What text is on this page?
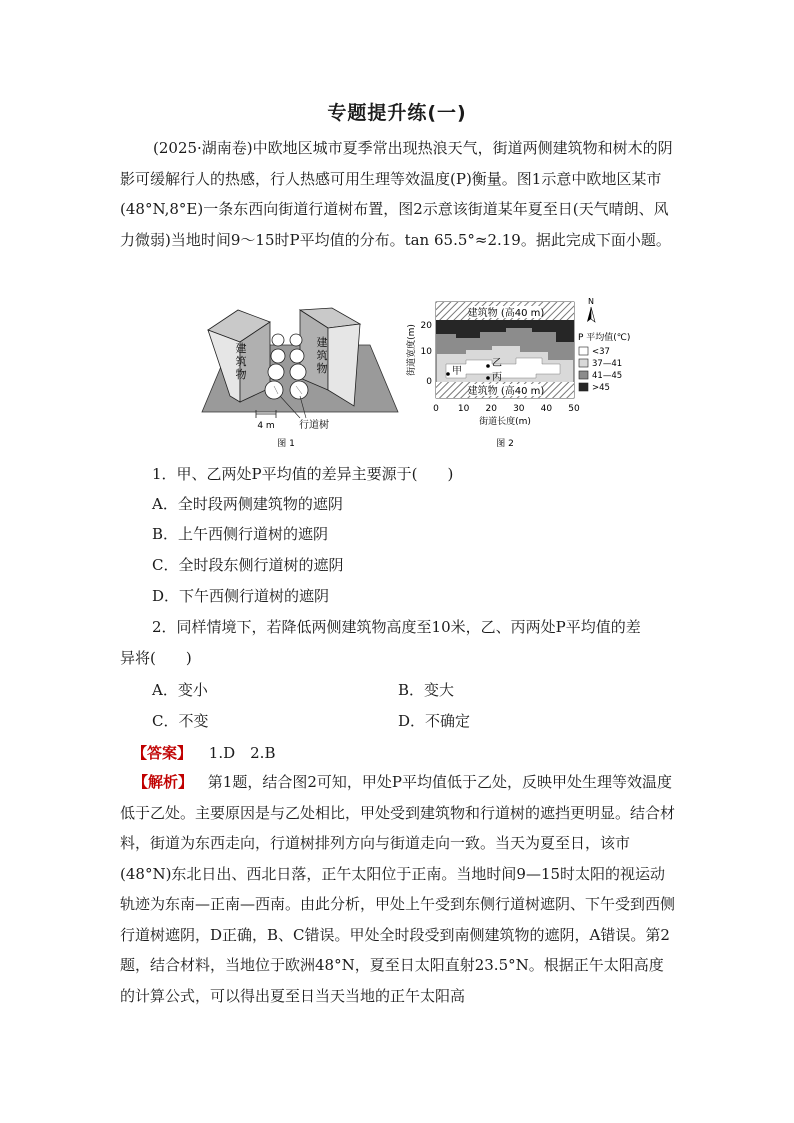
专题提升练(一)

(2025·湖南卷)中欧地区城市夏季常出现热浪天气，街道两侧建筑物和树木的阴影可缓解行人的热感，行人热感可用生理等效温度(P)衡量。图1示意中欧地区某市(48°N,8°E)一条东西向街道行道树布置，图2示意该街道某年夏至日(天气晴朗、风力微弱)当地时间9～15时P平均值的分布。tan 65.5°≈2.19。据此完成下面小题。

建
筑
物
建
筑
物
4 m 行道树
图 1
建筑物 (高40 m)
建筑物 (高40 m)
甲
乙
丙
20
10
0
街道宽度(m)
0 10 20 30 40 50
街道长度(m)
N
P 平均值(℃)
<37
37—41
41—45
>45
图 2
1．甲、乙两处P平均值的差异主要源于(　　)
A．全时段两侧建筑物的遮阴
B．上午西侧行道树的遮阴
C．全时段东侧行道树的遮阴
D．下午西侧行道树的遮阴
2．同样情境下，若降低两侧建筑物高度至10米，乙、丙两处P平均值的差
异将(　　)
A．变小	B．变大
C．不变	D．不确定
【答案】 1.D　2.B

【解析】 第1题，结合图2可知，甲处P平均值低于乙处，反映甲处生理等效温度低于乙处。主要原因是与乙处相比，甲处受到建筑物和行道树的遮挡更明显。结合材料，街道为东西走向，行道树排列方向与街道走向一致。当天为夏至日，该市(48°N)东北日出、西北日落，正午太阳位于正南。当地时间9—15时太阳的视运动轨迹为东南—正南—西南。由此分析，甲处上午受到东侧行道树遮阴、下午受到西侧行道树遮阴，D正确，B、C错误。甲处全时段受到南侧建筑物的遮阴，A错误。第2题，结合材料，当地位于欧洲48°N，夏至日太阳直射23.5°N。根据正午太阳高度的计算公式，可以得出夏至日当天当地的正午太阳高
